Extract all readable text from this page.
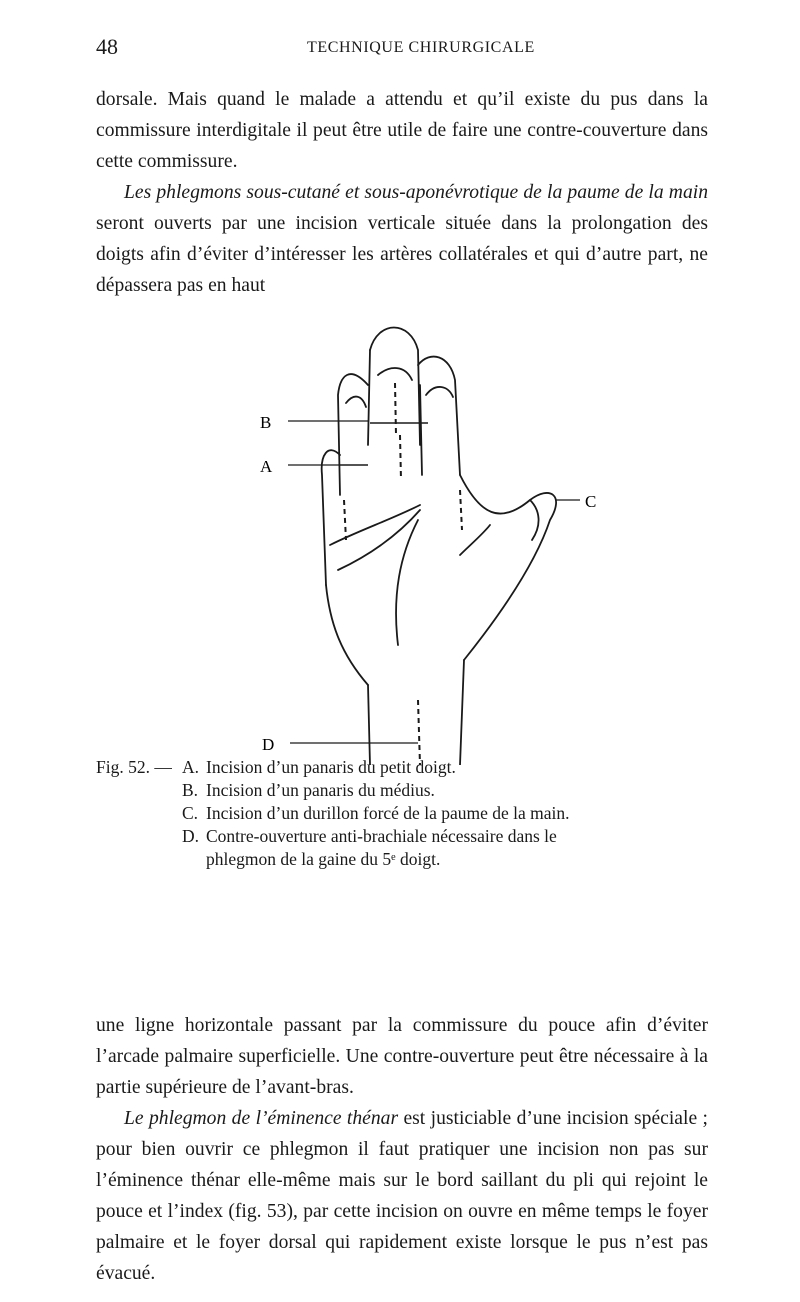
48	TECHNIQUE CHIRURGICALE

dorsale. Mais quand le malade a attendu et qu’il existe du pus dans la commissure interdigitale il peut être utile de faire une contre-couverture dans cette commissure.

Les phlegmons sous-cutané et sous-aponévrotique de la paume de la main seront ouverts par une incision verticale située dans la prolongation des doigts afin d’éviter d’intéresser les artères collatérales et qui d’autre part, ne dépassera pas en haut

B
A
C
D
Fig. 52. — A. Incision d’un panaris du petit doigt.
B. Incision d’un panaris du médius.
C. Incision d’un durillon forcé de la paume de la main.
D. Contre-ouverture anti-brachiale nécessaire dans le
phlegmon de la gaine du 5ᵉ doigt.

une ligne horizontale passant par la commissure du pouce afin d’éviter l’arcade palmaire superficielle. Une contre-ouverture peut être nécessaire à la partie supérieure de l’avant-bras.

Le phlegmon de l’éminence thénar est justiciable d’une incision spéciale ; pour bien ouvrir ce phlegmon il faut pratiquer une incision non pas sur l’éminence thénar elle-même mais sur le bord saillant du pli qui rejoint le pouce et l’index (fig. 53), par cette incision on ouvre en même temps le foyer palmaire et le foyer dorsal qui rapidement existe lorsque le pus n’est pas évacué.
